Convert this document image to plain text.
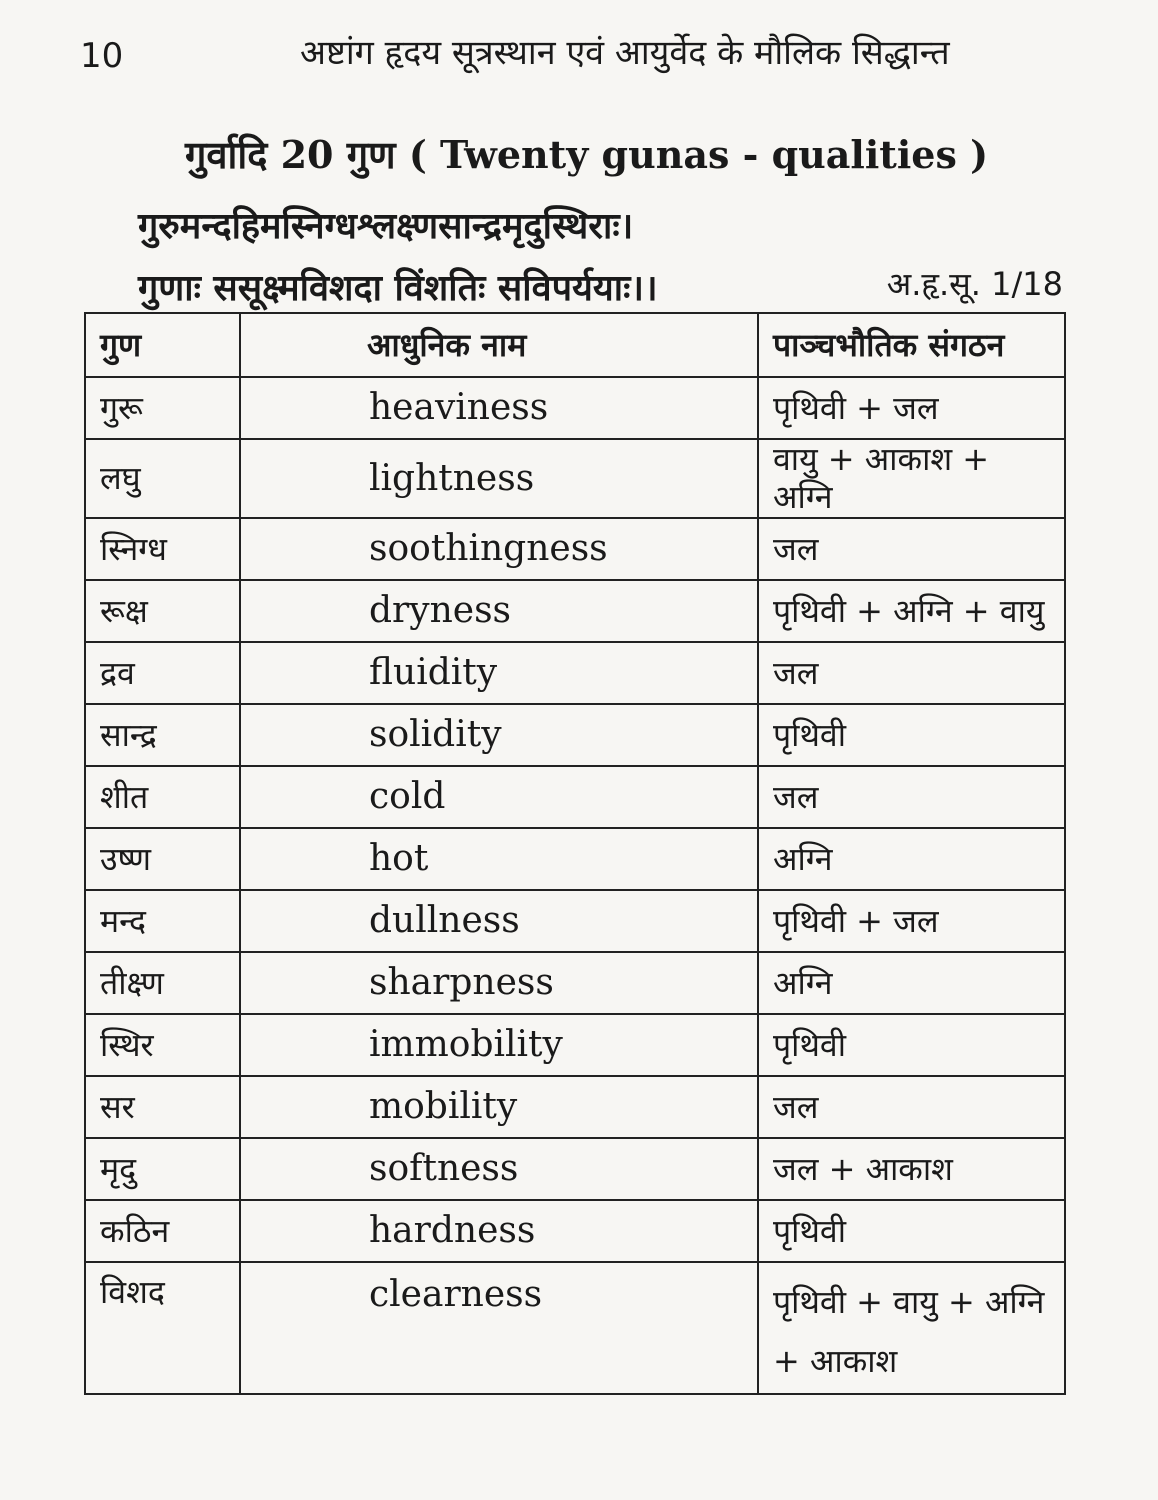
10	अष्टांग हृदय सूत्रस्थान एवं आयुर्वेद के मौलिक सिद्धान्त
गुर्वादि 20 गुण ( Twenty gunas - qualities )
गुरुमन्दहिमस्निग्धश्लक्ष्णसान्द्रमृदुस्थिराः।
गुणाः ससूक्ष्मविशदा विंशतिः सविपर्ययाः।।	अ.हृ.सू. 1/18
गुण	आधुनिक नाम	पाञ्चभौतिक संगठन
गुरू	heaviness	पृथिवी + जल
लघु	lightness	वायु + आकाश + अग्नि
स्निग्ध	soothingness	जल
रूक्ष	dryness	पृथिवी + अग्नि + वायु
द्रव	fluidity	जल
सान्द्र	solidity	पृथिवी
शीत	cold	जल
उष्ण	hot	अग्नि
मन्द	dullness	पृथिवी + जल
तीक्ष्ण	sharpness	अग्नि
स्थिर	immobility	पृथिवी
सर	mobility	जल
मृदु	softness	जल + आकाश
कठिन	hardness	पृथिवी
विशद	clearness	पृथिवी + वायु + अग्नि + आकाश
